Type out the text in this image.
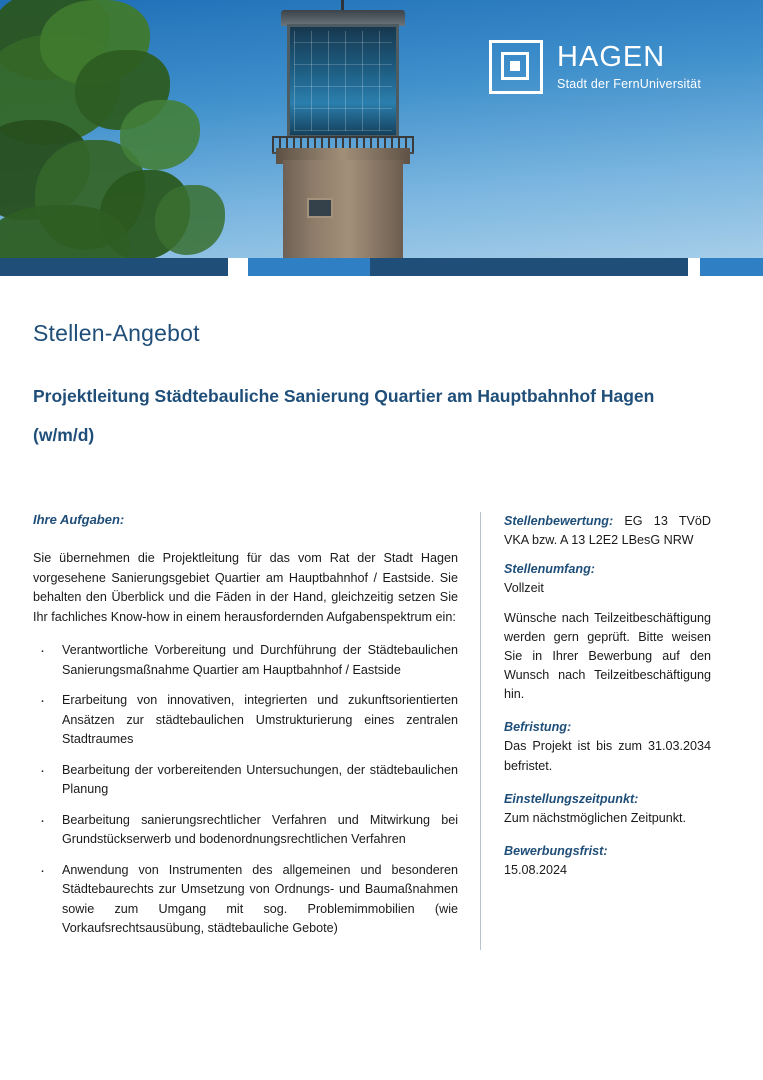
HAGEN
Stadt der FernUniversität
Stellen-Angebot
Projektleitung Städtebauliche Sanierung Quartier am Hauptbahnhof Hagen (w/m/d)
Ihre Aufgaben:

Sie übernehmen die Projektleitung für das vom Rat der Stadt Hagen vorgesehene Sanierungsgebiet Quartier am Hauptbahnhof / Eastside. Sie behalten den Überblick und die Fäden in der Hand, gleichzeitig setzen Sie Ihr fachliches Know-how in einem herausfordernden Aufgabenspektrum ein:

· Verantwortliche Vorbereitung und Durchführung der Städtebaulichen Sanierungsmaßnahme Quartier am Hauptbahnhof / Eastside
· Erarbeitung von innovativen, integrierten und zukunftsorientierten Ansätzen zur städtebaulichen Umstrukturierung eines zentralen Stadtraumes
· Bearbeitung der vorbereitenden Untersuchungen, der städtebaulichen Planung
· Bearbeitung sanierungsrechtlicher Verfahren und Mitwirkung bei Grundstückserwerb und bodenordnungsrechtlichen Verfahren
· Anwendung von Instrumenten des allgemeinen und besonderen Städtebaurechts zur Umsetzung von Ordnungs- und Baumaßnahmen sowie zum Umgang mit sog. Problemimmobilien (wie Vorkaufsrechtsausübung, städtebauliche Gebote)
Stellenbewertung: EG 13 TVöD VKA bzw. A 13 L2E2 LBesG NRW
Stellenumfang:
Vollzeit
Wünsche nach Teilzeitbeschäftigung werden gern geprüft. Bitte weisen Sie in Ihrer Bewerbung auf den Wunsch nach Teilzeitbeschäftigung hin.
Befristung:
Das Projekt ist bis zum 31.03.2034 befristet.
Einstellungszeitpunkt:
Zum nächstmöglichen Zeitpunkt.
Bewerbungsfrist:
15.08.2024
